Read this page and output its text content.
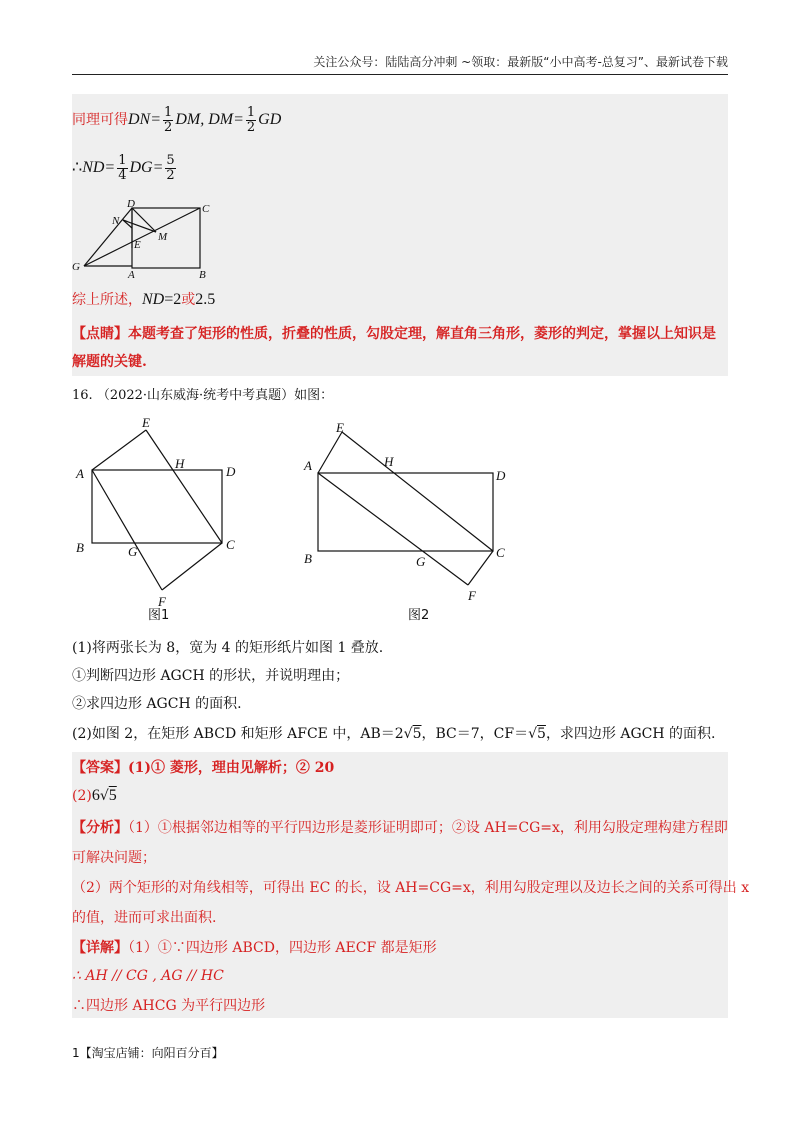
关注公众号：陆陆高分冲刺 ~领取：最新版“小中高考-总复习”、最新试卷下载
同理可得$DN= \frac{1}{2}$ DM, $DM= \frac{1}{2}$ GD
∴ND= $\frac{1}{4} DG= \frac{5}{2}$
D	C
N
M
E
G
A	B
综上所述，ND=2或2.5
【点睛】本题考查了矩形的性质，折叠的性质，勾股定理，解直角三角形，菱形的判定，掌握以上知识是
解题的关键.
16. （2022·山东威海·统考中考真题）如图：
E
A
H
D
B	G	C
F
图1
E
A	H
D
B	G
C
F
图2
(1)将两张长为 8，宽为 4 的矩形纸片如图 1 叠放.
①判断四边形 AGCH 的形状，并说明理由；
②求四边形 AGCH 的面积.
(2)如图 2，在矩形 ABCD 和矩形 AFCE 中，AB＝2√5，BC＝7，CF＝√5，求四边形 AGCH 的面积.
【答案】(1)① 菱形，理由见解析；② 20
(2)6√5
【分析】（1）①根据邻边相等的平行四边形是菱形证明即可；②设 AH=CG=x，利用勾股定理构建方程即
可解决问题；
（2）两个矩形的对角线相等，可得出 EC 的长，设 AH=CG=x，利用勾股定理以及边长之间的关系可得出 x
的值，进而可求出面积.
【详解】（1）①∵四边形 ABCD，四边形 AECF 都是矩形
∴ AH // CG , AG // HC
∴四边形 AHCG 为平行四边形
1【淘宝店铺：向阳百分百】
